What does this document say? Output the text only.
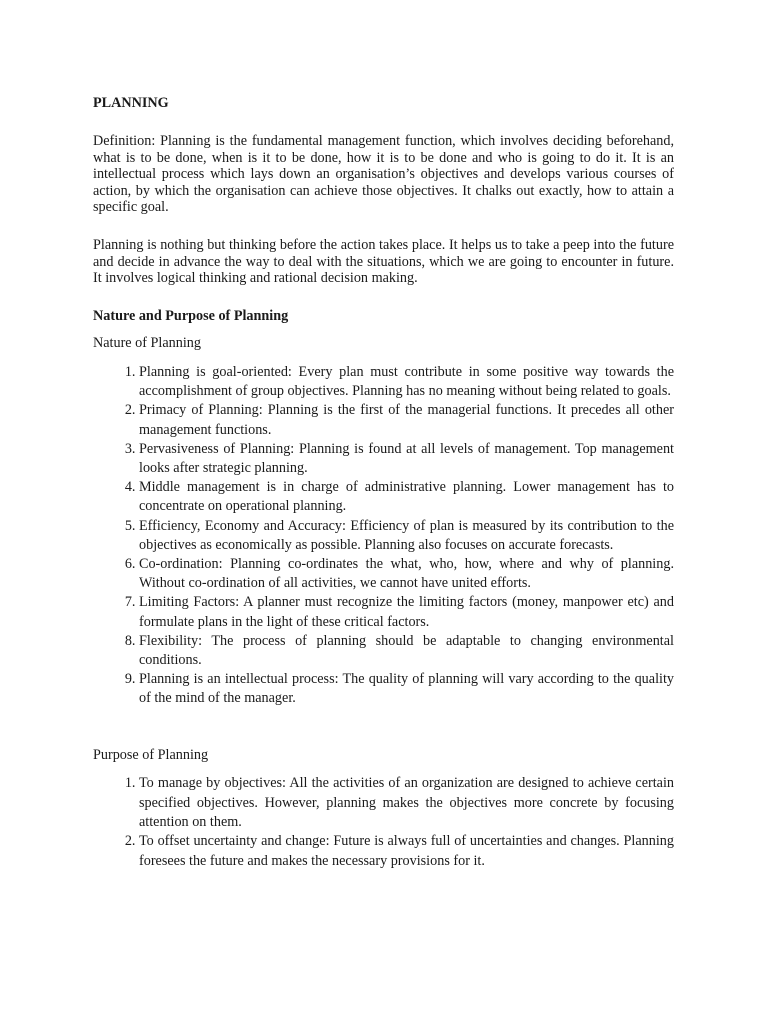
PLANNING

Definition: Planning is the fundamental management function, which involves deciding beforehand, what is to be done, when is it to be done, how it is to be done and who is going to do it. It is an intellectual process which lays down an organisation’s objectives and develops various courses of action, by which the organisation can achieve those objectives. It chalks out exactly, how to attain a specific goal.

Planning is nothing but thinking before the action takes place. It helps us to take a peep into the future and decide in advance the way to deal with the situations, which we are going to encounter in future. It involves logical thinking and rational decision making.

Nature and Purpose of Planning
Nature of Planning
1. Planning is goal-oriented: Every plan must contribute in some positive way towards the accomplishment of group objectives. Planning has no meaning without being related to goals.
2. Primacy of Planning: Planning is the first of the managerial functions. It precedes all other management functions.
3. Pervasiveness of Planning: Planning is found at all levels of management. Top management looks after strategic planning.
4. Middle management is in charge of administrative planning. Lower management has to concentrate on operational planning.
5. Efficiency, Economy and Accuracy: Efficiency of plan is measured by its contribution to the objectives as economically as possible. Planning also focuses on accurate forecasts.
6. Co-ordination: Planning co-ordinates the what, who, how, where and why of planning. Without co-ordination of all activities, we cannot have united efforts.
7. Limiting Factors: A planner must recognize the limiting factors (money, manpower etc) and formulate plans in the light of these critical factors.
8. Flexibility: The process of planning should be adaptable to changing environmental conditions.
9. Planning is an intellectual process: The quality of planning will vary according to the quality of the mind of the manager.
Purpose of Planning
1. To manage by objectives: All the activities of an organization are designed to achieve certain specified objectives. However, planning makes the objectives more concrete by focusing attention on them.
2. To offset uncertainty and change: Future is always full of uncertainties and changes. Planning foresees the future and makes the necessary provisions for it.
